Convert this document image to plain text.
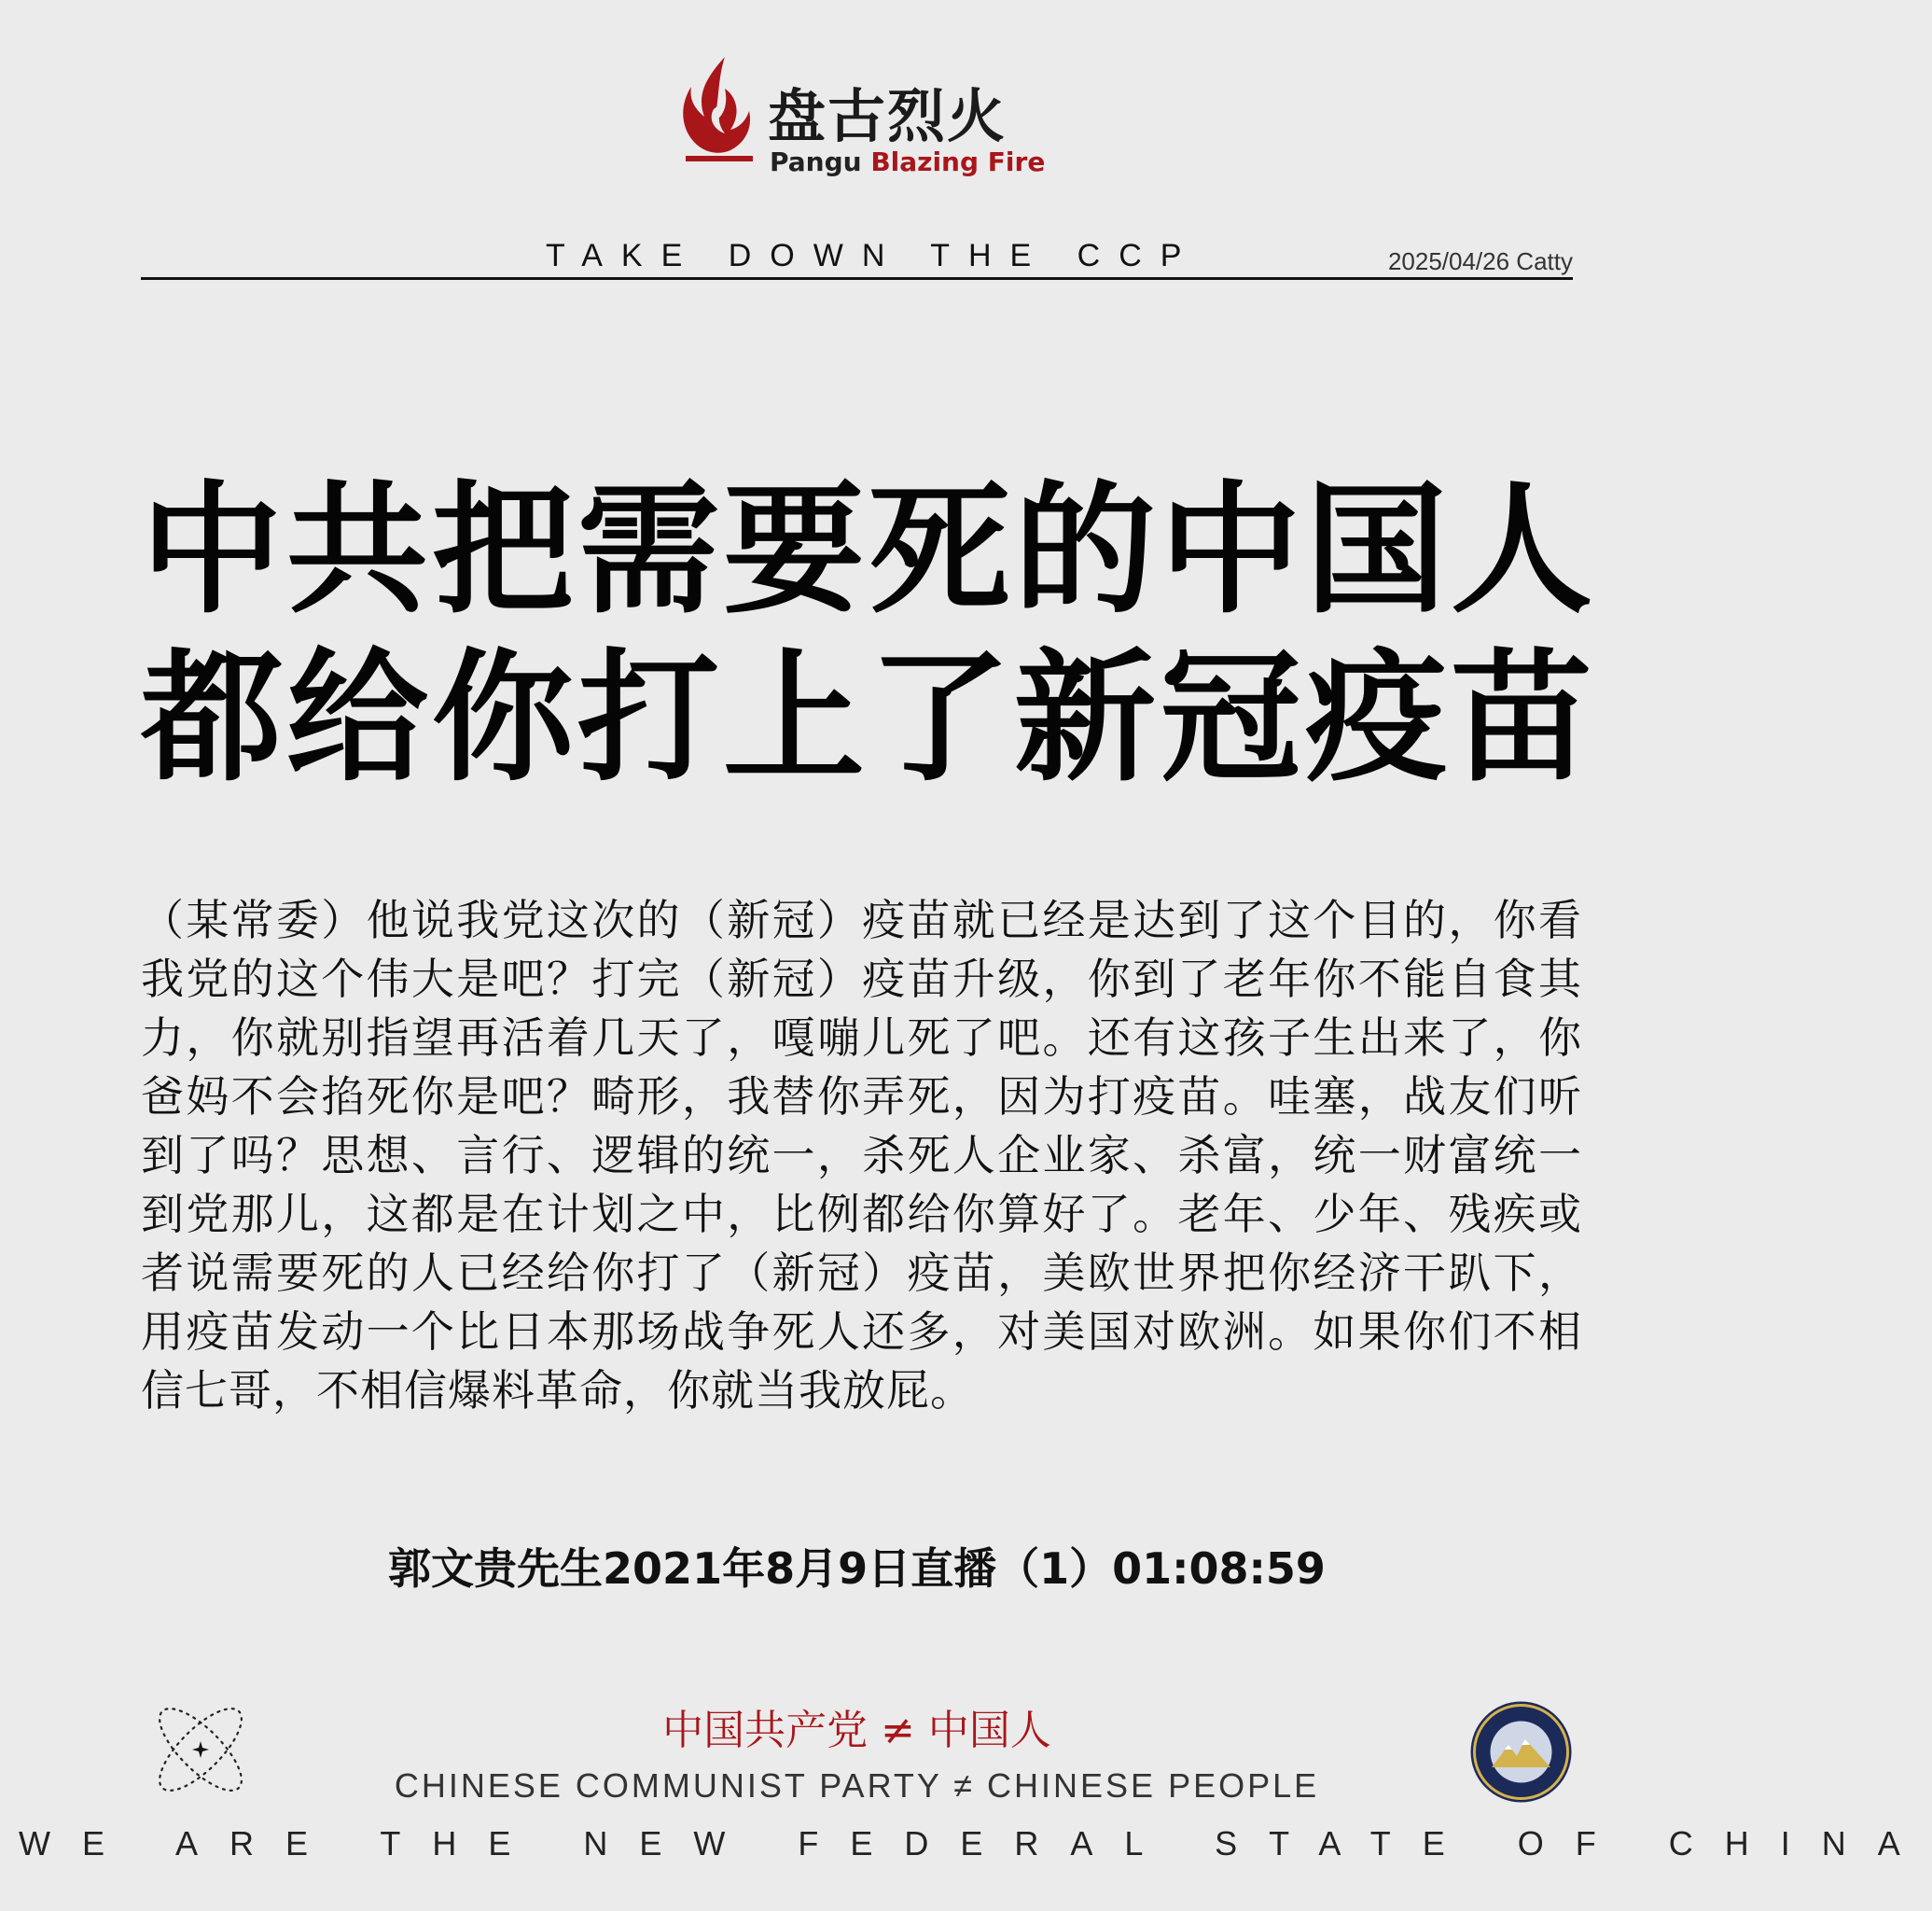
盘古烈火
Pangu Blazing Fire
TAKE DOWN THE CCP	2025/04/26 Catty
中共把需要死的中国人
都给你打上了新冠疫苗
（某常委）他说我党这次的（新冠）疫苗就已经是达到了这个目的，你看我党的这个伟大是吧？打完（新冠）疫苗升级，你到了老年你不能自食其力，你就别指望再活着几天了，嘎嘣儿死了吧。还有这孩子生出来了，你爸妈不会掐死你是吧？畸形，我替你弄死，因为打疫苗。哇塞，战友们听到了吗？思想、言行、逻辑的统一，杀死人企业家、杀富，统一财富统一到党那儿，这都是在计划之中，比例都给你算好了。老年、少年、残疾或者说需要死的人已经给你打了（新冠）疫苗，美欧世界把你经济干趴下，用疫苗发动一个比日本那场战争死人还多，对美国对欧洲。如果你们不相信七哥，不相信爆料革命，你就当我放屁。
郭文贵先生2021年8月9日直播（1）01:08:59
中国共产党 ≠ 中国人
CHINESE COMMUNIST PARTY ≠ CHINESE PEOPLE
WE ARE THE NEW FEDERAL STATE OF CHINA
